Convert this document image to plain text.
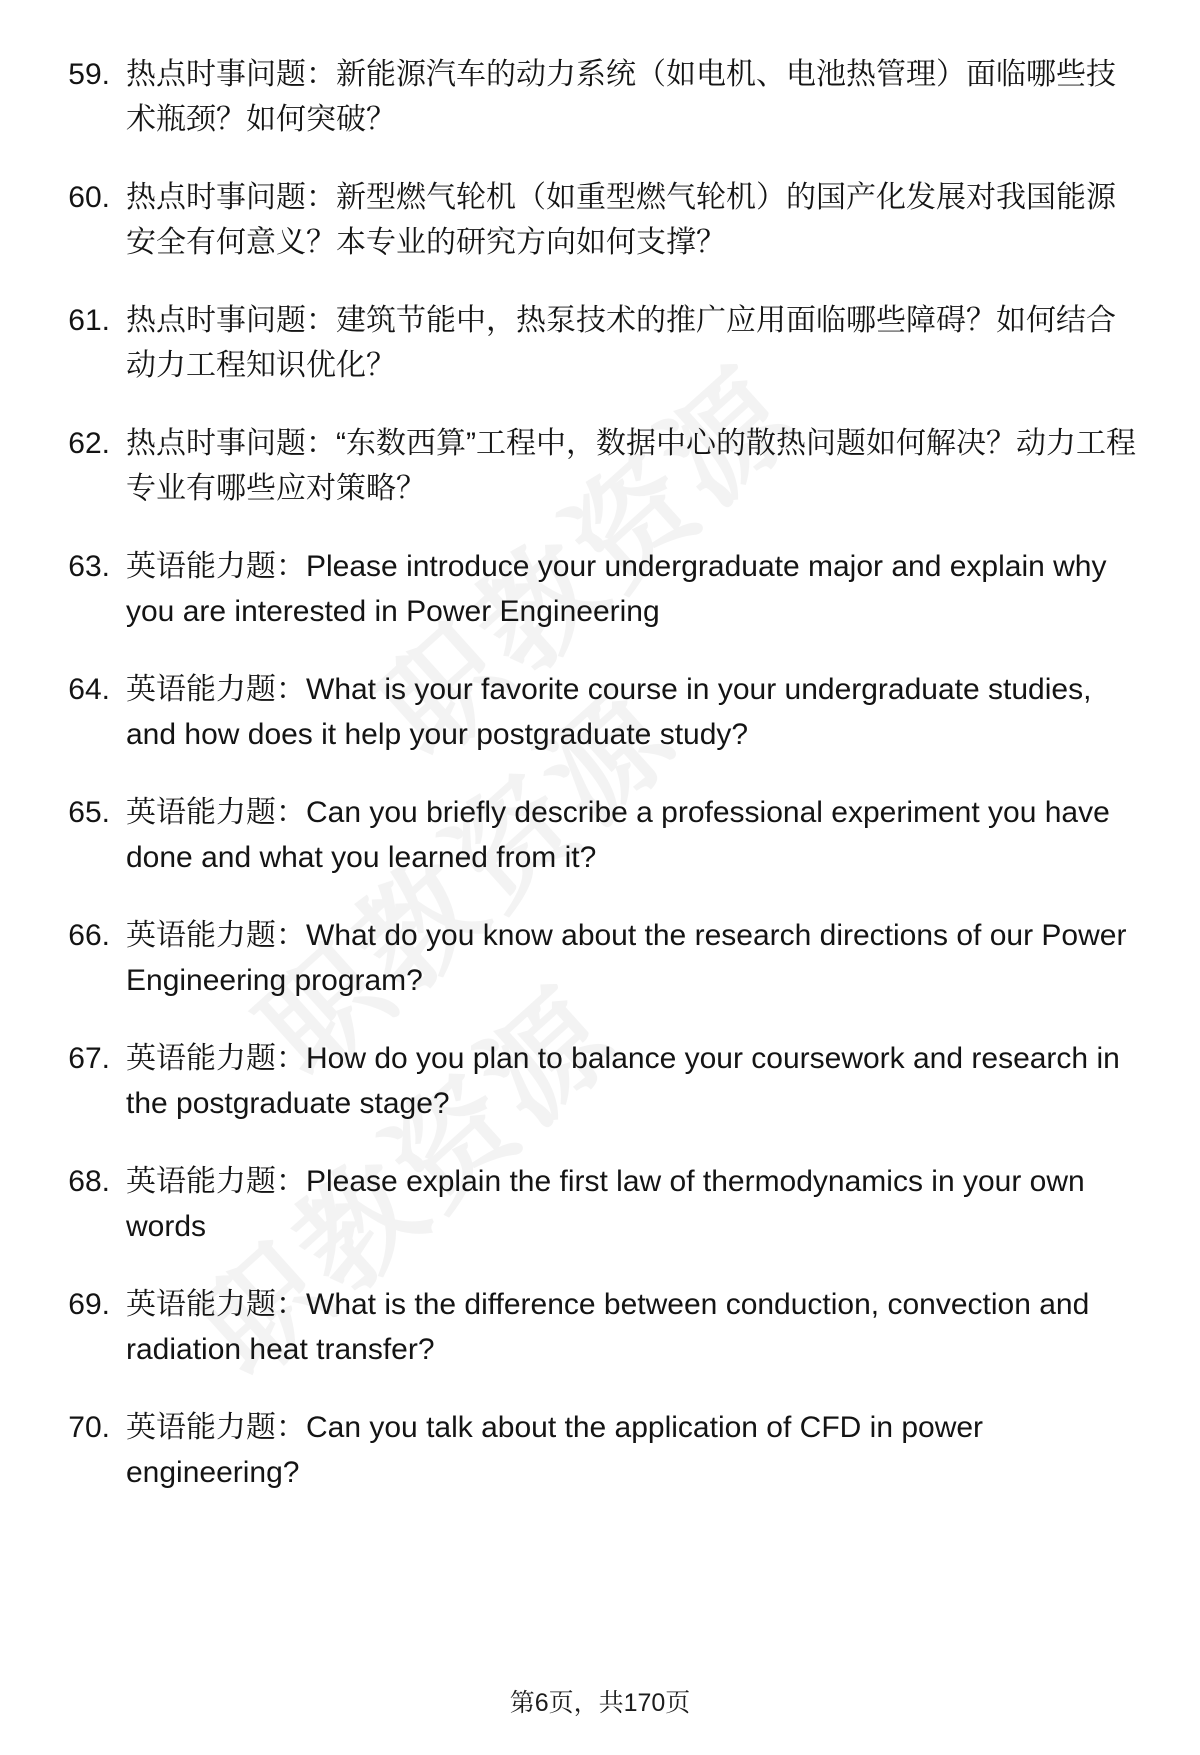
59. 热点时事问题：新能源汽车的动力系统（如电机、电池热管理）面临哪些技术瓶颈？如何突破？
60. 热点时事问题：新型燃气轮机（如重型燃气轮机）的国产化发展对我国能源安全有何意义？本专业的研究方向如何支撑？
61. 热点时事问题：建筑节能中，热泵技术的推广应用面临哪些障碍？如何结合动力工程知识优化？
62. 热点时事问题：“东数西算”工程中，数据中心的散热问题如何解决？动力工程专业有哪些应对策略？
63. 英语能力题：Please introduce your undergraduate major and explain why you are interested in Power Engineering
64. 英语能力题：What is your favorite course in your undergraduate studies, and how does it help your postgraduate study?
65. 英语能力题：Can you briefly describe a professional experiment you have done and what you learned from it?
66. 英语能力题：What do you know about the research directions of our Power Engineering program?
67. 英语能力题：How do you plan to balance your coursework and research in the postgraduate stage?
68. 英语能力题：Please explain the first law of thermodynamics in your own words
69. 英语能力题：What is the difference between conduction, convection and radiation heat transfer?
70. 英语能力题：Can you talk about the application of CFD in power engineering?
第6页，共170页
